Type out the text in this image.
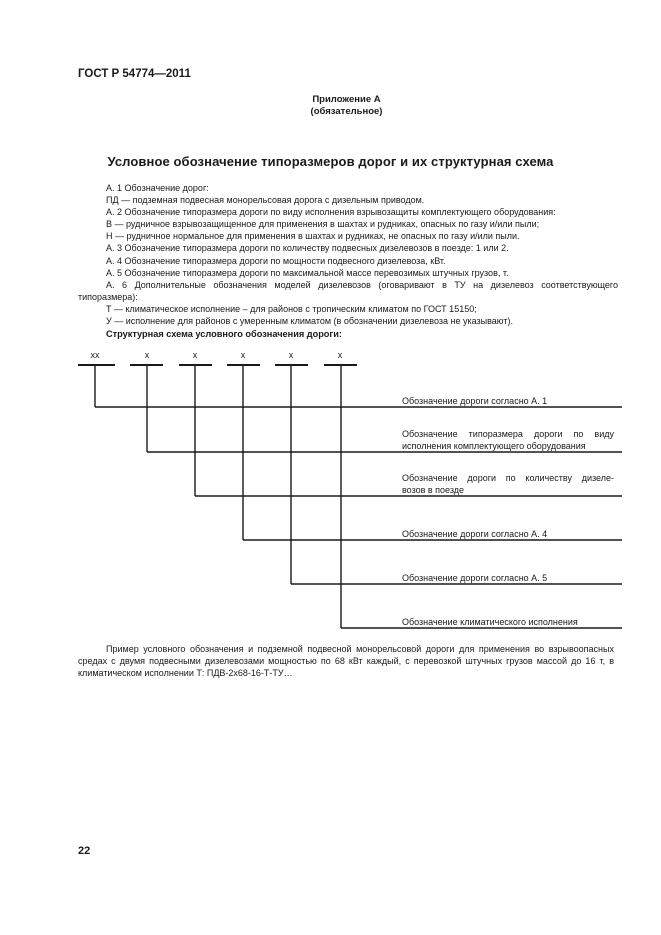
ГОСТ Р 54774—2011
Приложение А
(обязательное)
Условное обозначение типоразмеров дорог и их структурная схема
А. 1 Обозначение дорог:
ПД — подземная подвесная монорельсовая дорога с дизельным приводом.
А. 2 Обозначение типоразмера дороги по виду исполнения взрывозащиты комплектующего оборудования:
В — рудничное взрывозащищенное для применения в шахтах и рудниках, опасных по газу и/или пыли;
Н — рудничное нормальное для применения в шахтах и рудниках, не опасных по газу и/или пыли.
А. 3 Обозначение типоразмера дороги по количеству подвесных дизелевозов в поезде: 1 или 2.
А. 4 Обозначение типоразмера дороги по мощности подвесного дизелевоза, кВт.
А. 5 Обозначение типоразмера дороги по максимальной массе перевозимых штучных грузов, т.
А. 6 Дополнительные обозначения моделей дизелевозов (оговаривают в ТУ на дизелевоз соответствующего типоразмера):
Т — климатическое исполнение – для районов с тропическим климатом по ГОСТ 15150;
У — исполнение для районов с умеренным климатом (в обозначении дизелевоза не указывают).
Структурная схема условного обозначения дороги:
xx	x	x	x	x	x
Обозначение дороги согласно А. 1
Обозначение типоразмера дороги по виду
исполнения комплектующего оборудования
Обозначение дороги по количеству дизеле-
возов в поезде
Обозначение дороги согласно А. 4
Обозначение дороги согласно А. 5
Обозначение климатического исполнения
Пример условного обозначения и подземной подвесной монорельсовой дороги для применения во взрывоопасных средах с двумя подвесными дизелевозами мощностью по 68 кВт каждый, с перевозкой штучных грузов массой до 16 т, в климатическом исполнении Т: ПДВ-2х68-16-Т-ТУ…
22
